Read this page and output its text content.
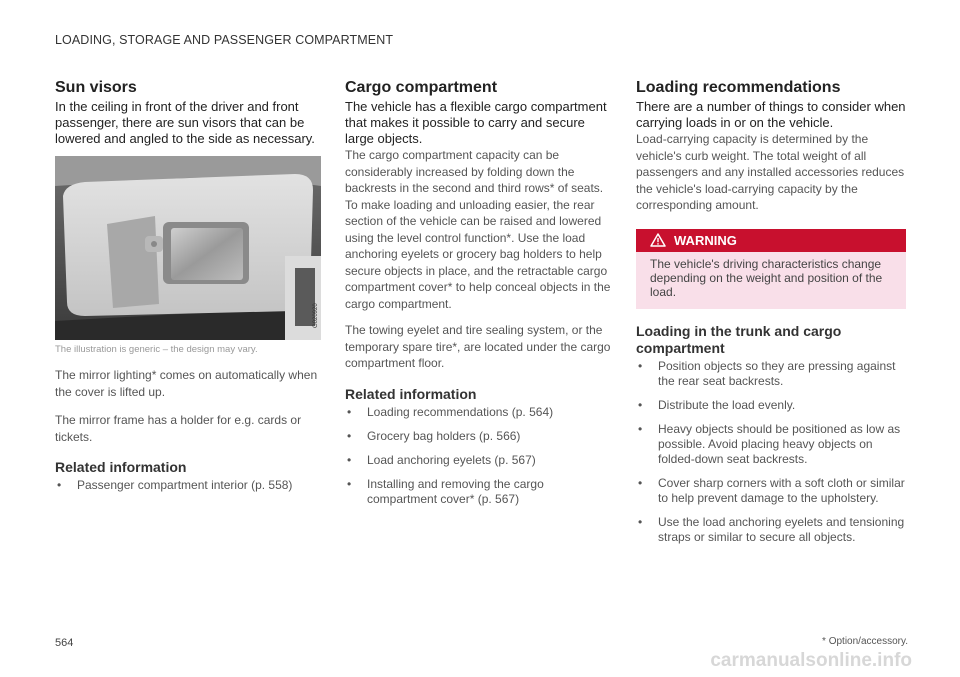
LOADING, STORAGE AND PASSENGER COMPARTMENT
Sun visors

In the ceiling in front of the driver and front passenger, there are sun visors that can be lowered and angled to the side as necessary.

G020920

The illustration is generic – the design may vary.

The mirror lighting* comes on automatically when the cover is lifted up.

The mirror frame has a holder for e.g. cards or tickets.

Related information
• Passenger compartment interior (p. 558)
Cargo compartment

The vehicle has a flexible cargo compartment that makes it possible to carry and secure large objects.

The cargo compartment capacity can be considerably increased by folding down the backrests in the second and third rows* of seats. To make loading and unloading easier, the rear section of the vehicle can be raised and lowered using the level control function*. Use the load anchoring eyelets or grocery bag holders to help secure objects in place, and the retractable cargo compartment cover* to help conceal objects in the cargo compartment.

The towing eyelet and tire sealing system, or the temporary spare tire*, are located under the cargo compartment floor.

Related information
• Loading recommendations (p. 564)
• Grocery bag holders (p. 566)
• Load anchoring eyelets (p. 567)
• Installing and removing the cargo compartment cover* (p. 567)
Loading recommendations

There are a number of things to consider when carrying loads in or on the vehicle.

Load-carrying capacity is determined by the vehicle's curb weight. The total weight of all passengers and any installed accessories reduces the vehicle's load-carrying capacity by the corresponding amount.

WARNING
The vehicle's driving characteristics change depending on the weight and position of the load.
Loading in the trunk and cargo compartment
• Position objects so they are pressing against the rear seat backrests.
• Distribute the load evenly.
• Heavy objects should be positioned as low as possible. Avoid placing heavy objects on folded-down seat backrests.
• Cover sharp corners with a soft cloth or similar to help prevent damage to the upholstery.
• Use the load anchoring eyelets and tensioning straps or similar to secure all objects.
564	* Option/accessory.
carmanualsonline.info
